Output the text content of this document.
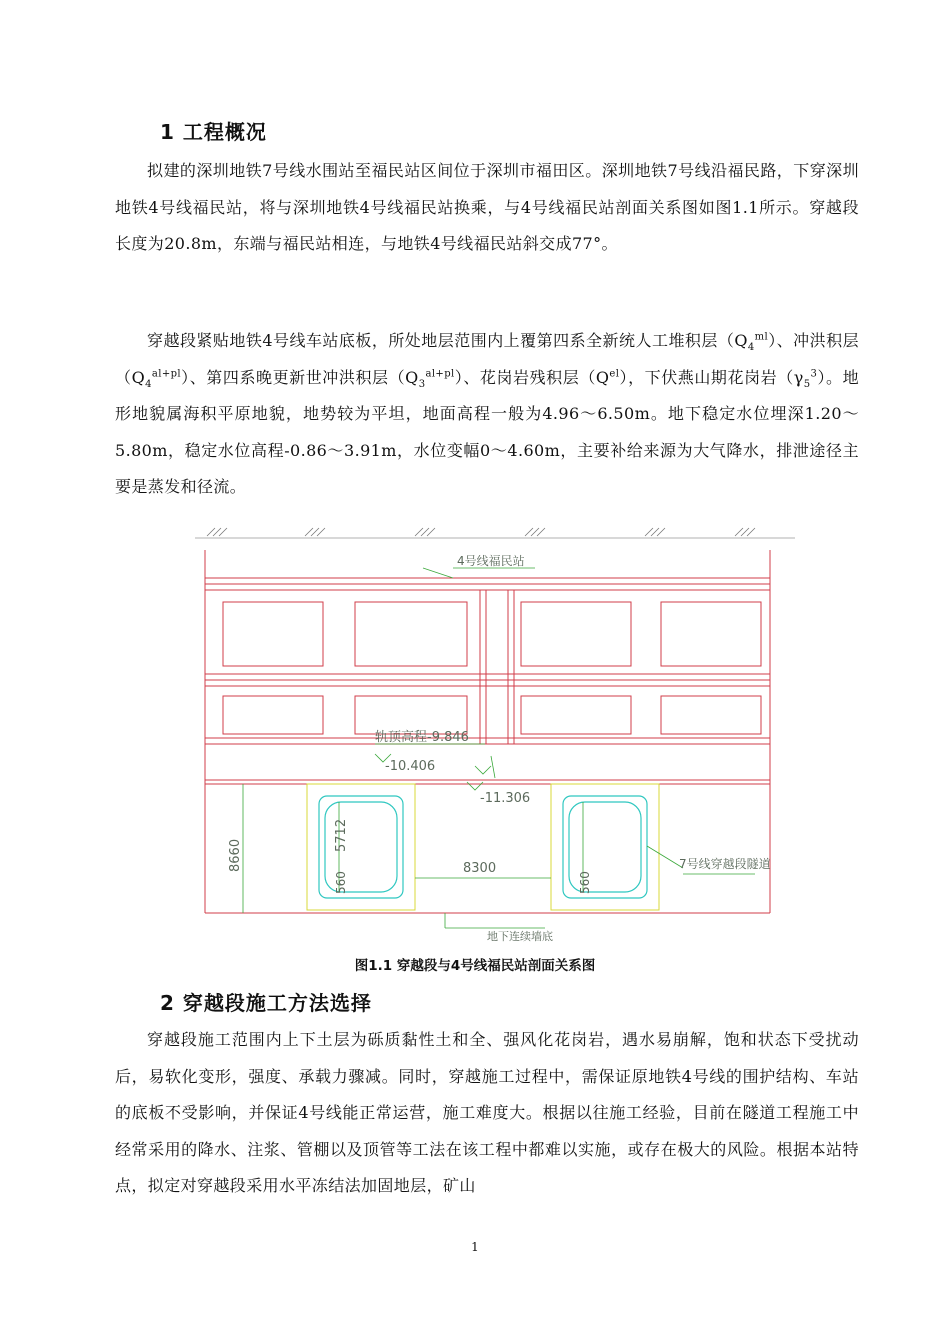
1 工程概况
拟建的深圳地铁7号线水围站至福民站区间位于深圳市福田区。深圳地铁7号线沿福民路，下穿深圳地铁4号线福民站，将与深圳地铁4号线福民站换乘，与4号线福民站剖面关系图如图1.1所示。穿越段长度为20.8m，东端与福民站相连，与地铁4号线福民站斜交成77°。
穿越段紧贴地铁4号线车站底板，所处地层范围内上覆第四系全新统人工堆积层$(Q_4^{ml})$、冲洪积层$(Q_4^{al+pl})$、第四系晚更新世冲洪积层$(Q_3^{al+pl})$、花岗岩残积层$(Q^{el})$，下伏燕山期花岗岩$(\gamma_5^3)$。地形地貌属海积平原地貌，地势较为平坦，地面高程一般为4.96～6.50m。地下稳定水位埋深1.20～5.80m，稳定水位高程-0.86～3.91m，水位变幅0～4.60m，主要补给来源为大气降水，排泄途径主要是蒸发和径流。
4号线福民站
轨顶高程-9.846
-10.406
-11.306
8660
5712
8300
560	560
7号线穿越段隧道
地下连续墙底
图1.1 穿越段与4号线福民站剖面关系图
2 穿越段施工方法选择
穿越段施工范围内上下土层为砾质黏性土和全、强风化花岗岩，遇水易崩解，饱和状态下受扰动后，易软化变形，强度、承载力骤减。同时，穿越施工过程中，需保证原地铁4号线的围护结构、车站的底板不受影响，并保证4号线能正常运营，施工难度大。根据以往施工经验，目前在隧道工程施工中经常采用的降水、注浆、管棚以及顶管等工法在该工程中都难以实施，或存在极大的风险。根据本站特点，拟定对穿越段采用水平冻结法加固地层，矿山
1
